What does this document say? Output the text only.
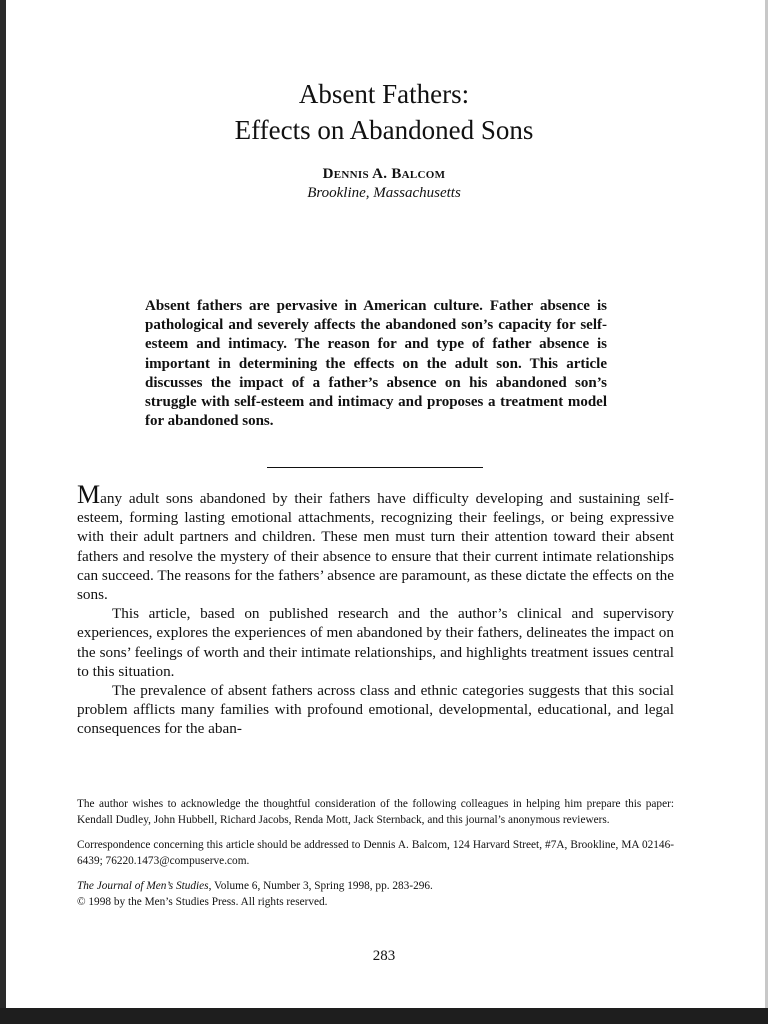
Absent Fathers:
Effects on Abandoned Sons
Dennis A. Balcom
Brookline, Massachusetts

Absent fathers are pervasive in American culture. Father absence is pathological and severely affects the abandoned son’s capacity for self-esteem and intimacy. The reason for and type of father absence is important in determining the effects on the adult son. This article discusses the impact of a father’s absence on his abandoned son’s struggle with self-esteem and intimacy and proposes a treatment model for abandoned sons.

Many adult sons abandoned by their fathers have difficulty developing and sustaining self-esteem, forming lasting emotional attachments, recognizing their feelings, or being expressive with their adult partners and children. These men must turn their attention toward their absent fathers and resolve the mystery of their absence to ensure that their current intimate relationships can succeed. The reasons for the fathers’ absence are paramount, as these dictate the effects on the sons.

This article, based on published research and the author’s clinical and supervisory experiences, explores the experiences of men abandoned by their fathers, delineates the impact on the sons’ feelings of worth and their intimate relationships, and highlights treatment issues central to this situation.

The prevalence of absent fathers across class and ethnic categories suggests that this social problem afflicts many families with profound emotional, developmental, educational, and legal consequences for the aban-

The author wishes to acknowledge the thoughtful consideration of the following colleagues in helping him prepare this paper: Kendall Dudley, John Hubbell, Richard Jacobs, Renda Mott, Jack Sternback, and this journal’s anonymous reviewers.

Correspondence concerning this article should be addressed to Dennis A. Balcom, 124 Harvard Street, #7A, Brookline, MA 02146-6439; 76220.1473@compuserve.com.

The Journal of Men’s Studies, Volume 6, Number 3, Spring 1998, pp. 283-296.
© 1998 by the Men’s Studies Press. All rights reserved.

283
